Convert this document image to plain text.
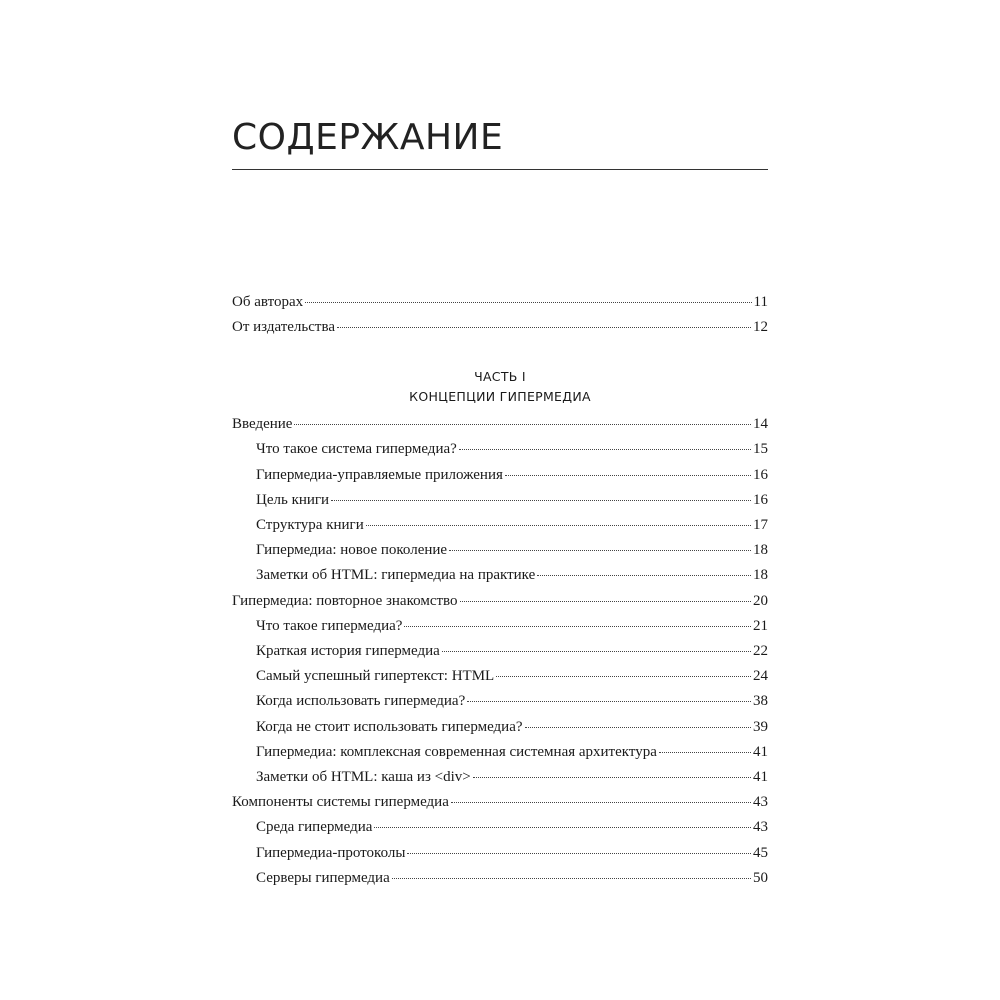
СОДЕРЖАНИЕ
Об авторах	11
От издательства	12
Введение	14
Что такое система гипермедиа?	15
Гипермедиа-управляемые приложения	16
Цель книги	16
Структура книги	17
Гипермедиа: новое поколение	18
Заметки об HTML: гипермедиа на практике	18
Гипермедиа: повторное знакомство	20
Что такое гипермедиа?	21
Краткая история гипермедиа	22
Самый успешный гипертекст: HTML	24
Когда использовать гипермедиа?	38
Когда не стоит использовать гипермедиа?	39
Гипермедиа: комплексная современная системная архитектура	41
Заметки об HTML: каша из <div>	41
Компоненты системы гипермедиа	43
Среда гипермедиа	43
Гипермедиа-протоколы	45
Серверы гипермедиа	50
ЧАСТЬ I
КОНЦЕПЦИИ ГИПЕРМЕДИА
